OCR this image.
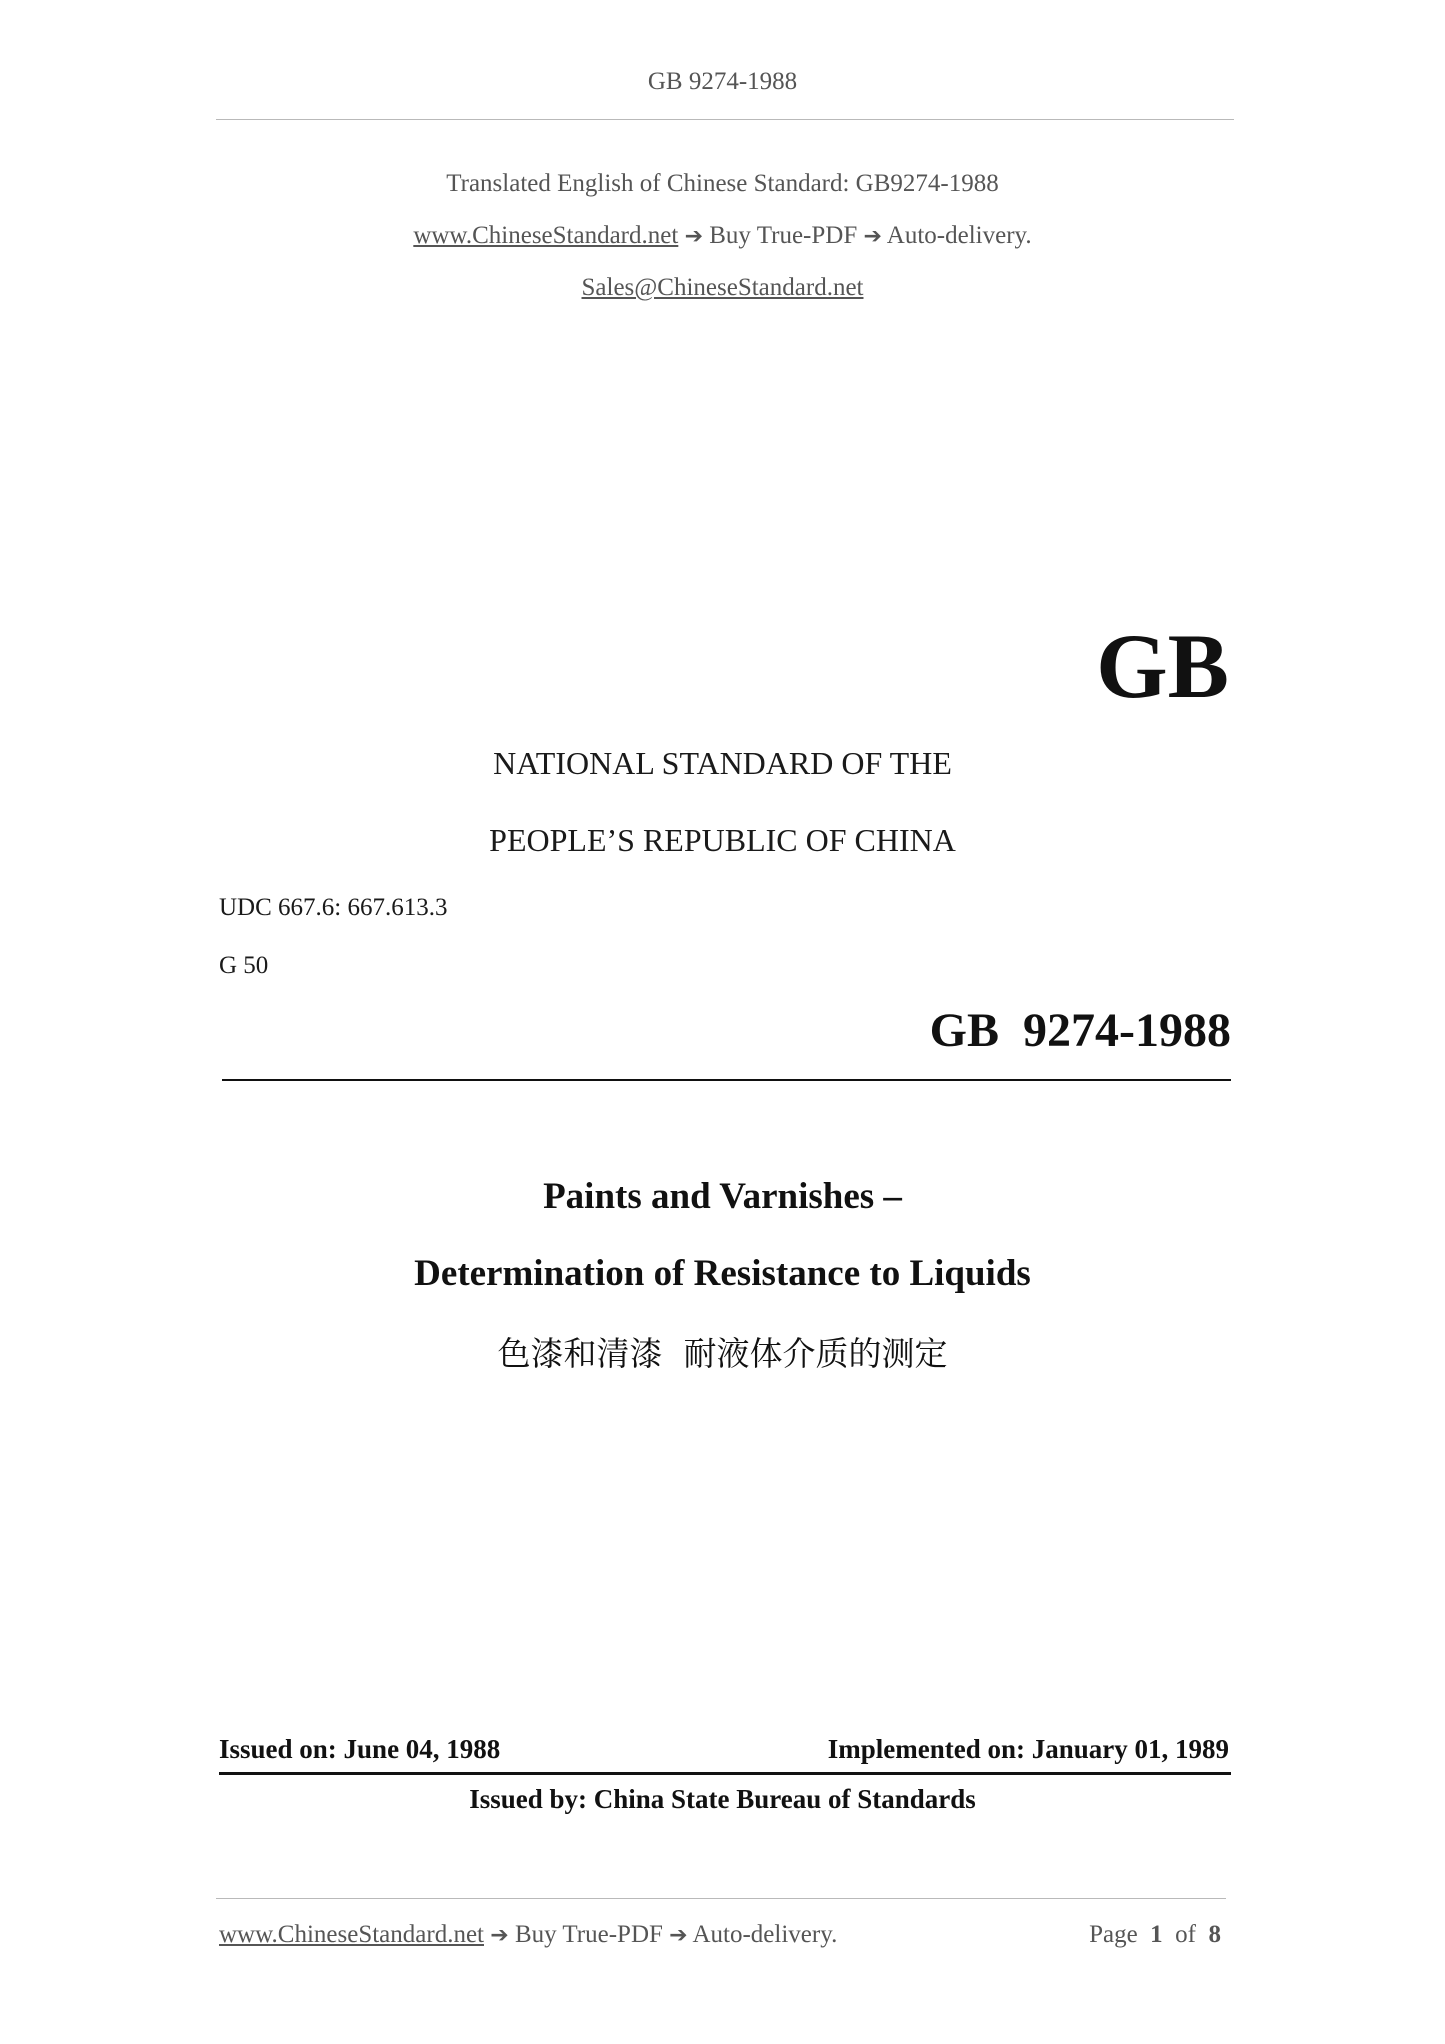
GB 9274-1988
Translated English of Chinese Standard: GB9274-1988
www.ChineseStandard.net ➔ Buy True-PDF ➔ Auto-delivery.
Sales@ChineseStandard.net
GB
NATIONAL STANDARD OF THE
PEOPLE’S REPUBLIC OF CHINA
UDC 667.6: 667.613.3
G 50
GB  9274-1988
Paints and Varnishes –
Determination of Resistance to Liquids
色漆和清漆  耐液体介质的测定
Issued on: June 04, 1988	Implemented on: January 01, 1989
Issued by: China State Bureau of Standards
www.ChineseStandard.net ➔ Buy True-PDF ➔ Auto-delivery.	Page 1 of 8
